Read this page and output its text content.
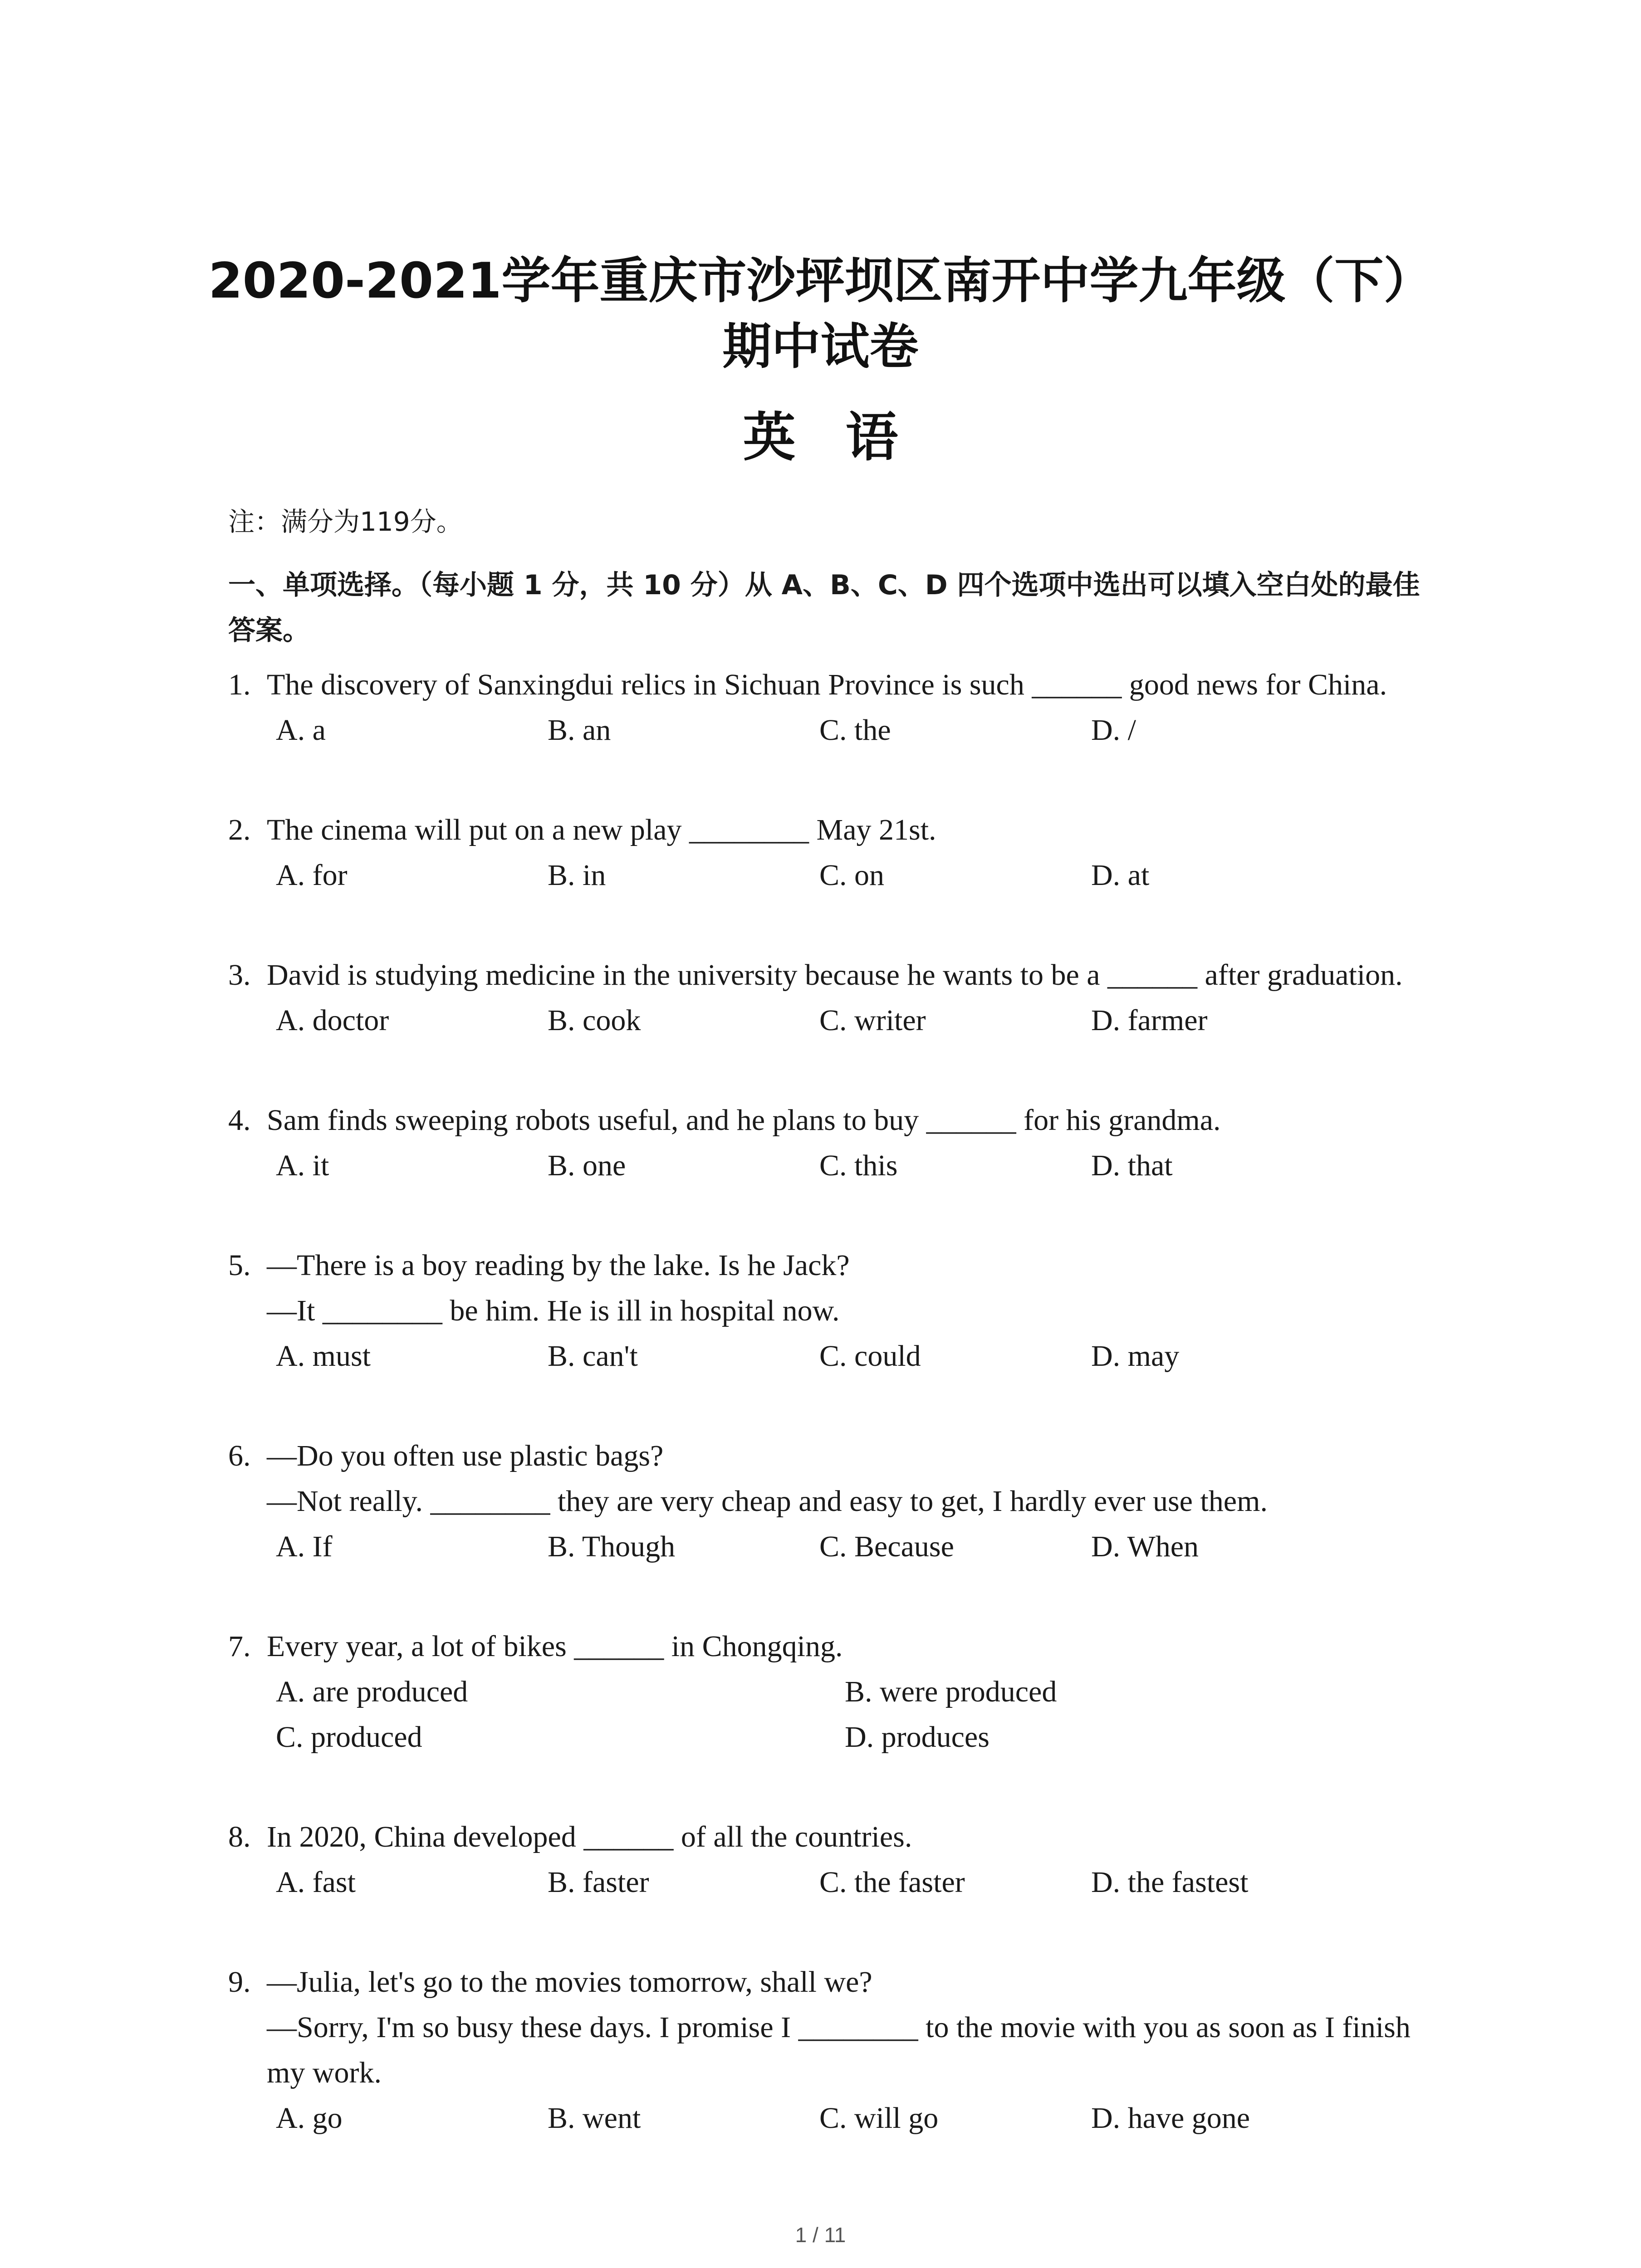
2020-2021学年重庆市沙坪坝区南开中学九年级（下）
期中试卷
英语
注：满分为119分。
一、单项选择。（每小题 1 分，共 10 分）从 A、B、C、D 四个选项中选出可以填入空白处的最佳答案。
1. The discovery of Sanxingdui relics in Sichuan Province is such ______ good news for China.
A. a	B. an	C. the	D. /
2. The cinema will put on a new play ________ May 21st.
A. for	B. in	C. on	D. at
3. David is studying medicine in the university because he wants to be a ______ after graduation.
A. doctor	B. cook	C. writer	D. farmer
4. Sam finds sweeping robots useful, and he plans to buy ______ for his grandma.
A. it	B. one	C. this	D. that
5. —There is a boy reading by the lake. Is he Jack?
—It ________ be him. He is ill in hospital now.
A. must	B. can't	C. could	D. may
6. —Do you often use plastic bags?
—Not really. ________ they are very cheap and easy to get, I hardly ever use them.
A. If	B. Though	C. Because	D. When
7. Every year, a lot of bikes ______ in Chongqing.
A. are produced	B. were produced
C. produced	D. produces
8. In 2020, China developed ______ of all the countries.
A. fast	B. faster	C. the faster	D. the fastest
9. —Julia, let's go to the movies tomorrow, shall we?
—Sorry, I'm so busy these days. I promise I ________ to the movie with you as soon as I finish
my work.
A. go	B. went	C. will go	D. have gone
1 / 11
